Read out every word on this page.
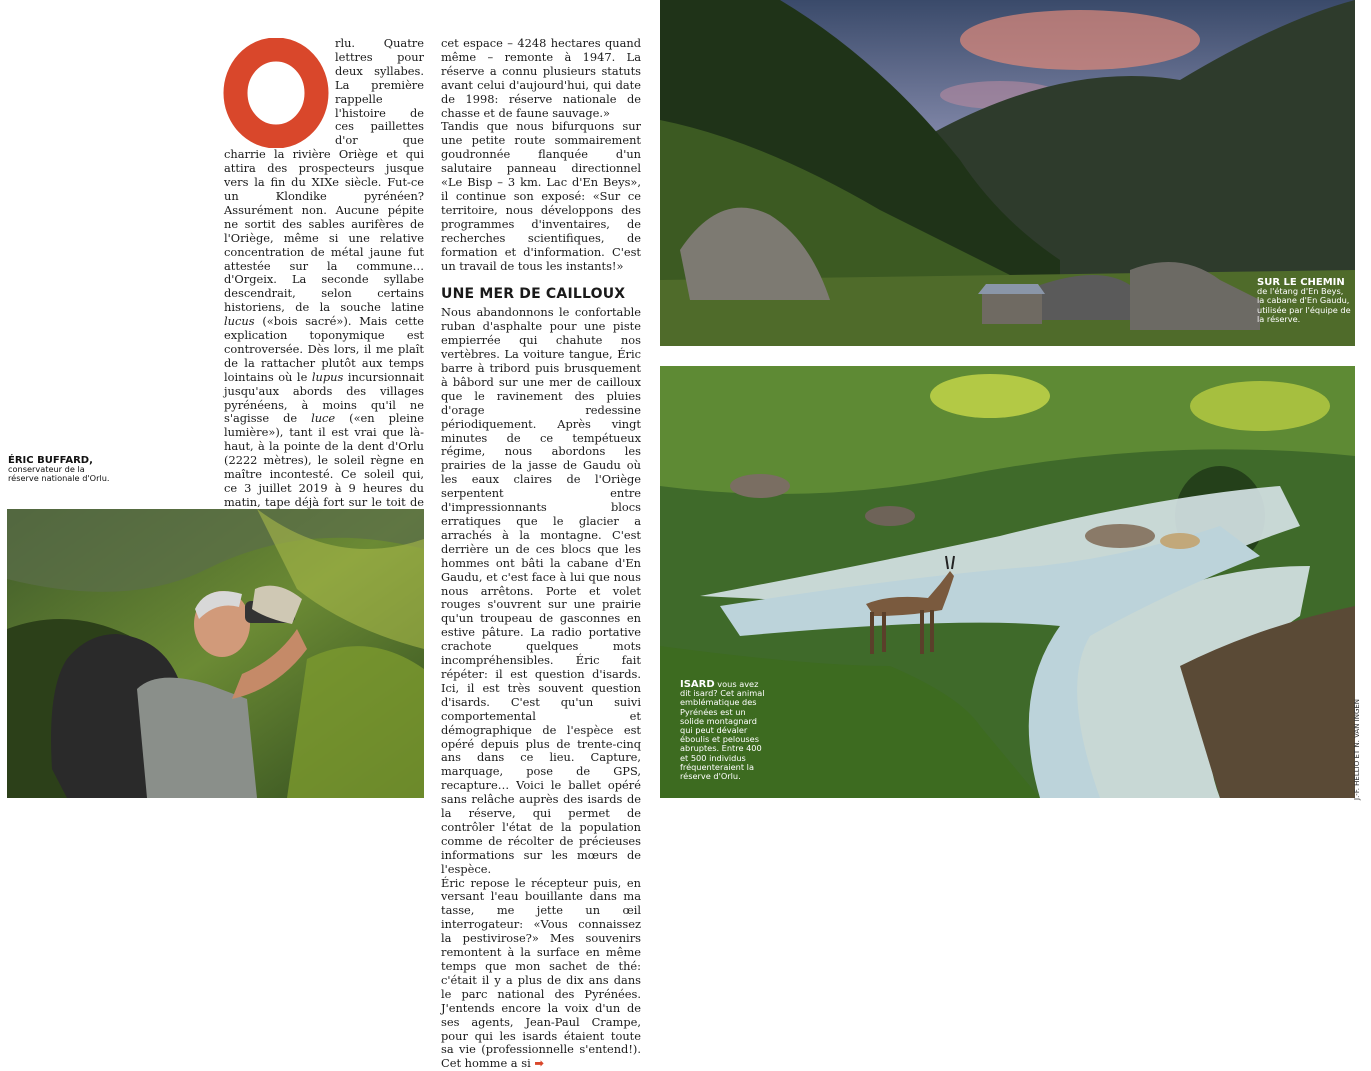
rlu. Quatre lettres pour deux syllabes. La première rappelle l'histoire de ces paillettes d'or que charrie la rivière Oriège et qui attira des prospecteurs jusque vers la fin du XIXe siècle. Fut-ce un Klondike pyrénéen? Assurément non. Aucune pépite ne sortit des sables aurifères de l'Oriège, même si une relative concentration de métal jaune fut attestée sur la commune… d'Orgeix. La seconde syllabe descendrait, selon certains historiens, de la souche latine lucus («bois sacré»). Mais cette explication toponymique est controversée. Dès lors, il me plaît de la rattacher plutôt aux temps lointains où le lupus incursionnait jusqu'aux abords des villages pyrénéens, à moins qu'il ne s'agisse de luce («en pleine lumière»), tant il est vrai que là-haut, à la pointe de la dent d'Orlu (2222 mètres), le soleil règne en maître incontesté. Ce soleil qui, ce 3 juillet 2019 à 9 heures du matin, tape déjà fort sur le toit de
cet espace – 4248 hectares quand même – remonte à 1947. La réserve a connu plusieurs statuts avant celui d'aujourd'hui, qui date de 1998: réserve nationale de chasse et de faune sauvage.»
Tandis que nous bifurquons sur une petite route sommairement goudronnée flanquée d'un salutaire panneau directionnel «Le Bisp – 3 km. Lac d'En Beys», il continue son exposé: «Sur ce territoire, nous développons des programmes d'inventaires, de recherches scientifiques, de formation et d'information. C'est un travail de tous les instants!»
UNE MER DE CAILLOUX
Nous abandonnons le confortable ruban d'asphalte pour une piste empierrée qui chahute nos vertèbres. La voiture tangue, Éric barre à tribord puis brusquement à bâbord sur une mer de cailloux que le ravinement des pluies d'orage redessine périodiquement. Après vingt minutes de ce tempétueux régime, nous abordons les prairies de la jasse de Gaudu où les eaux claires de l'Oriège serpentent entre d'impressionnants blocs erratiques que le glacier a arrachés à la montagne. C'est derrière un de ces blocs que les hommes ont bâti la cabane d'En Gaudu, et c'est face à lui que nous nous arrêtons. Porte et volet rouges s'ouvrent sur une prairie qu'un troupeau de gasconnes en estive pâture. La radio portative crachote quelques mots incompréhensibles. Éric fait répéter: il est question d'isards. Ici, il est très souvent question d'isards. C'est qu'un suivi comportemental et démographique de l'espèce est opéré depuis plus de trente-cinq ans dans ce lieu. Capture, marquage, pose de GPS, recapture… Voici le ballet opéré sans relâche auprès des isards de la réserve, qui permet de contrôler l'état de la population comme de récolter de précieuses informations sur les mœurs de l'espèce.
Éric repose le récepteur puis, en versant l'eau bouillante dans ma tasse, me jette un œil interrogateur: «Vous connaissez la pestivirose?» Mes souvenirs remontent à la surface en même temps que mon sachet de thé: c'était il y a plus de dix ans dans le parc national des Pyrénées. J'entends encore la voix d'un de ses agents, Jean-Paul Crampe, pour qui les isards étaient toute sa vie (professionnelle s'entend!). Cet homme a si ➡
ÉRIC BUFFARD,
conservateur de la réserve nationale d'Orlu.
SUR LE CHEMIN
de l'étang d'En Beys, la cabane d'En Gaudu, utilisée par l'équipe de la réserve.
ISARD vous avez dit isard? Cet animal emblématique des Pyrénées est un solide montagnard qui peut dévaler éboulis et pelouses abruptes. Entre 400 et 500 individus fréquenteraient la réserve d'Orlu.	J.-F. HELLIO ET N. VAN INGEN
